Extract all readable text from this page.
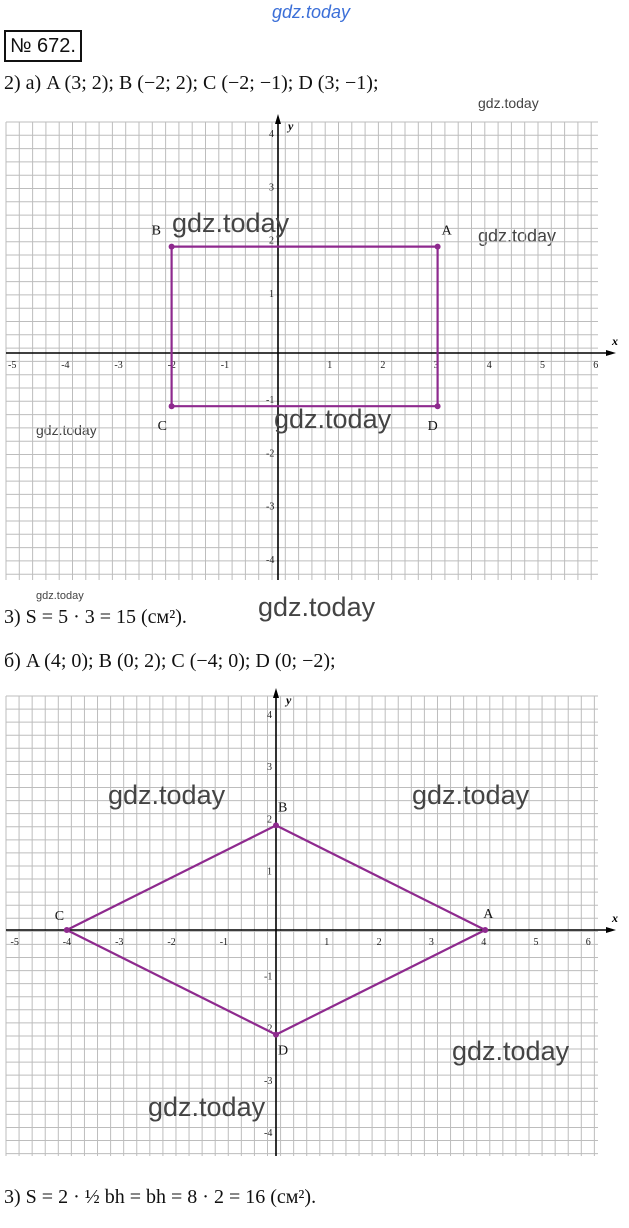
gdz.today
gdz.today
gdz.today
gdz.today
gdz.today
№ 672.
2) а) A (3; 2); B (−2; 2); C (−2; −1); D (3; −1);
x
y
-5	-4	-3	-2	-1	1	2	3	4	5	6
4
3
2
1
-1
-2
-3
-4
A
B
C	D
gdz.today
gdz.today
3) S = 5 · 3 = 15 (см²).	gdz.today
б) A (4; 0); B (0; 2); C (−4; 0); D (0; −2);
x
y
-5	-4	-3	-2	-1	1	2	3	4	5	6
4
3
2
1
-1
-2
-3
-4
A
B
C
D
gdz.today	gdz.today
gdz.today
gdz.today
3) S = 2 · ½ bh = bh = 8 · 2 = 16 (см²).
